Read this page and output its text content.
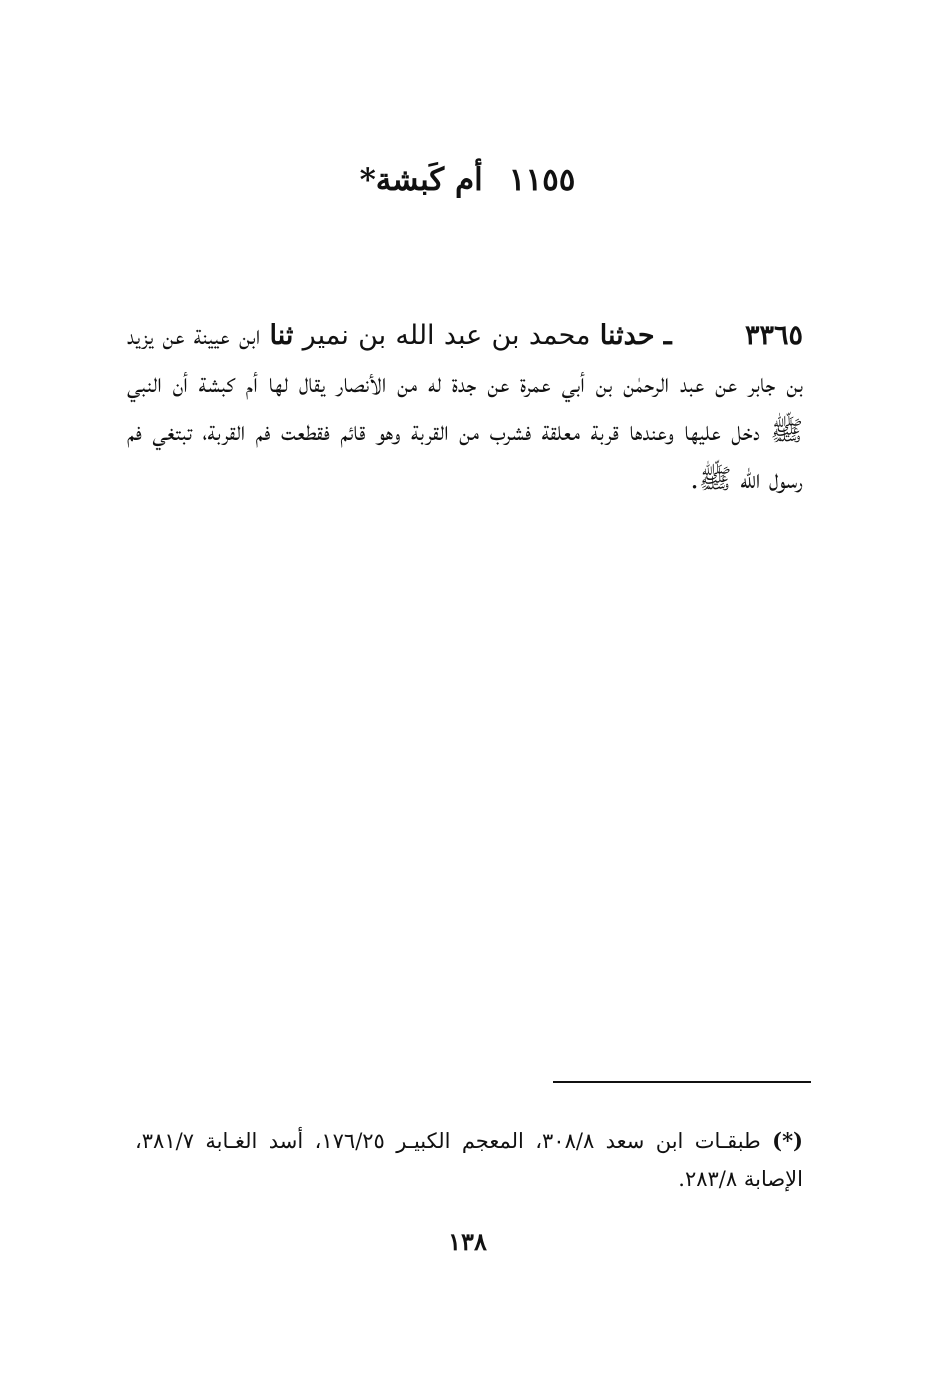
١١٥٥أم كَبشة*
٣٣٦٥ ـ حدثنا محمد بن عبد الله بن نمير ثنا ابن عيينة عن يزيد بن جابر عن عبد الرحمٰن بن أبي عمرة عن جدة له من الأنصار يقال لها أم كبشة أن النبي ﷺ دخل عليها وعندها قربة معلقة فشرب من القربة وهو قائم فقطعت فم القربة، تبتغي فم رسول الله ﷺ.
(*) طبقـات ابن سعد ٣٠٨/٨، المعجم الكبيـر ١٧٦/٢٥، أسد الغـابة ٣٨١/٧، الإصابة ٢٨٣/٨.
١٣٨
